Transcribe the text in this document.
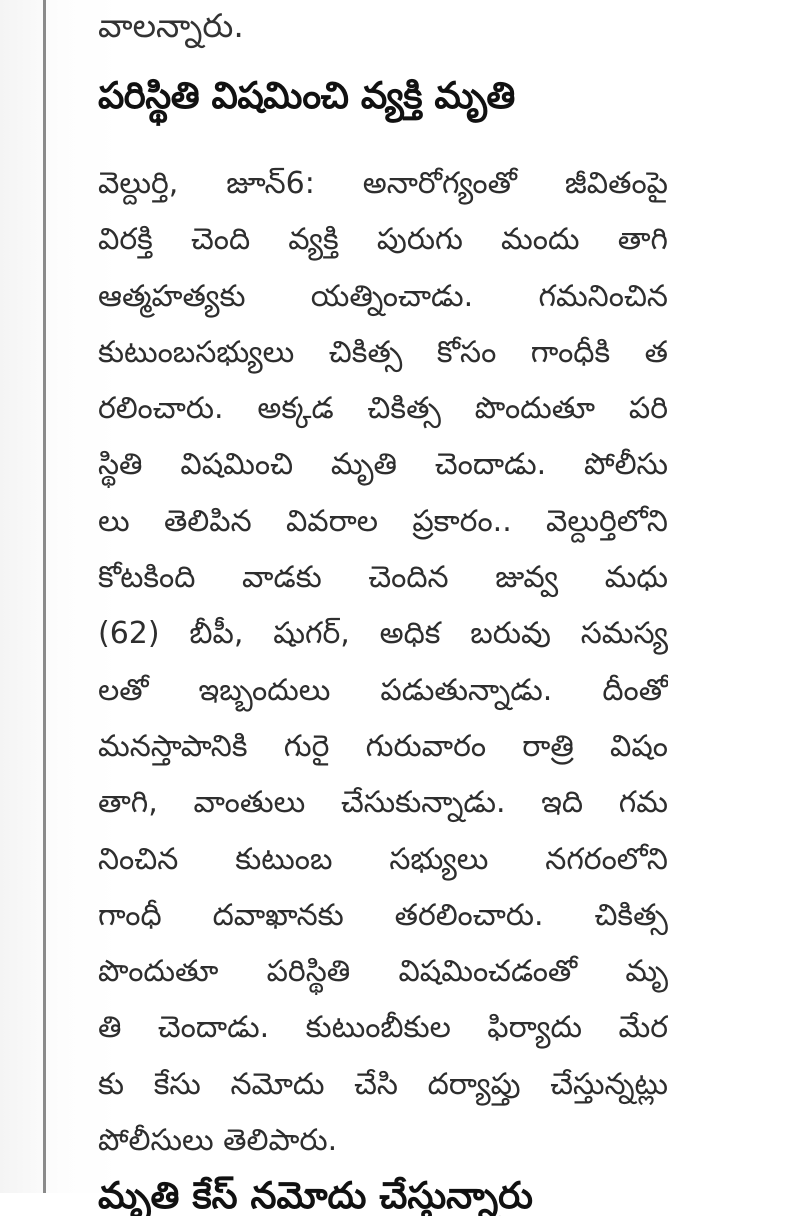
వాలన్నారు.

పరిస్థితి విషమించి వ్యక్తి మృతి
వెల్దుర్తి, జూన్6: అనారోగ్యంతో జీవితంపై
విరక్తి చెంది వ్యక్తి పురుగు మందు తాగి
ఆత్మహత్యకు యత్నించాడు. గమనించిన
కుటుంబసభ్యులు చికిత్స కోసం గాంధీకి త
రలించారు. అక్కడ చికిత్స పొందుతూ పరి
స్థితి విషమించి మృతి చెందాడు. పోలీసు
లు తెలిపిన వివరాల ప్రకారం.. వెల్దుర్తిలోని
కోటకింది వాడకు చెందిన జువ్వ మధు
(62) బీపీ, షుగర్, అధిక బరువు సమస్య
లతో ఇబ్బందులు పడుతున్నాడు. దీంతో
మనస్తాపానికి గురై గురువారం రాత్రి విషం
తాగి, వాంతులు చేసుకున్నాడు. ఇది గమ
నించిన కుటుంబ సభ్యులు నగరంలోని
గాంధీ దవాఖానకు తరలించారు. చికిత్స
పొందుతూ పరిస్థితి విషమించడంతో మృ
తి చెందాడు. కుటుంబీకుల ఫిర్యాదు మేర
కు కేసు నమోదు చేసి దర్యాప్తు చేస్తున్నట్లు
పోలీసులు తెలిపారు.
మృతి కేస్ నమోదు చేస్తున్నారు
